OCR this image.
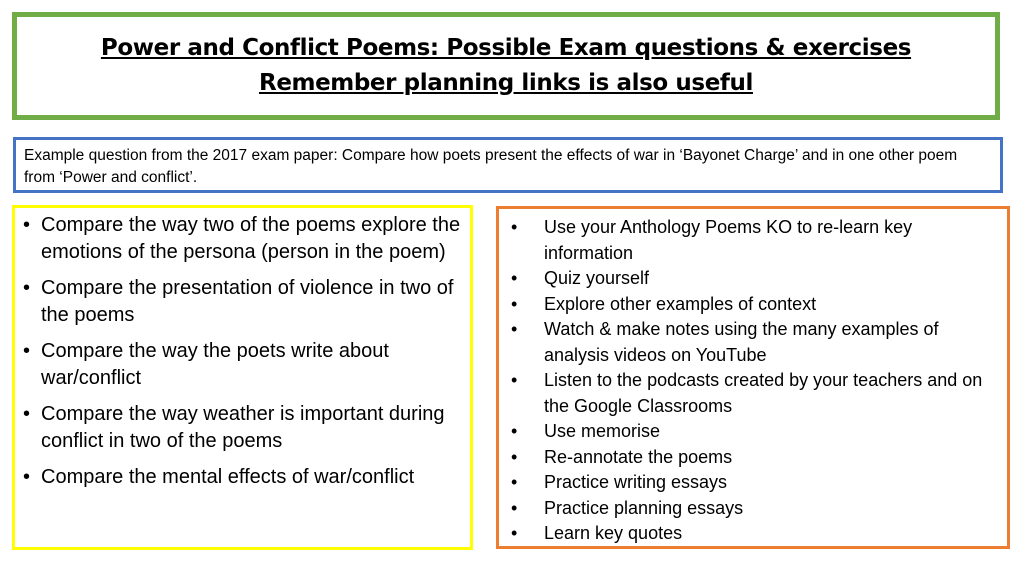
Power and Conflict Poems: Possible Exam questions & exercises
Remember planning links is also useful
Example question from the 2017 exam paper: Compare how poets present the effects of war in ‘Bayonet Charge’ and in one other poem from ‘Power and conflict’.
• Compare the way two of the poems explore the emotions of the persona (person in the poem)
• Compare the presentation of violence in two of the poems
• Compare the way the poets write about war/conflict
• Compare the way weather is important during conflict in two of the poems
• Compare the mental effects of war/conflict
• Use your Anthology Poems KO to re-learn key information
• Quiz yourself
• Explore other examples of context
• Watch & make notes using the many examples of analysis videos on YouTube
• Listen to the podcasts created by your teachers and on the Google Classrooms
• Use memorise
• Re-annotate the poems
• Practice writing essays
• Practice planning essays
• Learn key quotes
